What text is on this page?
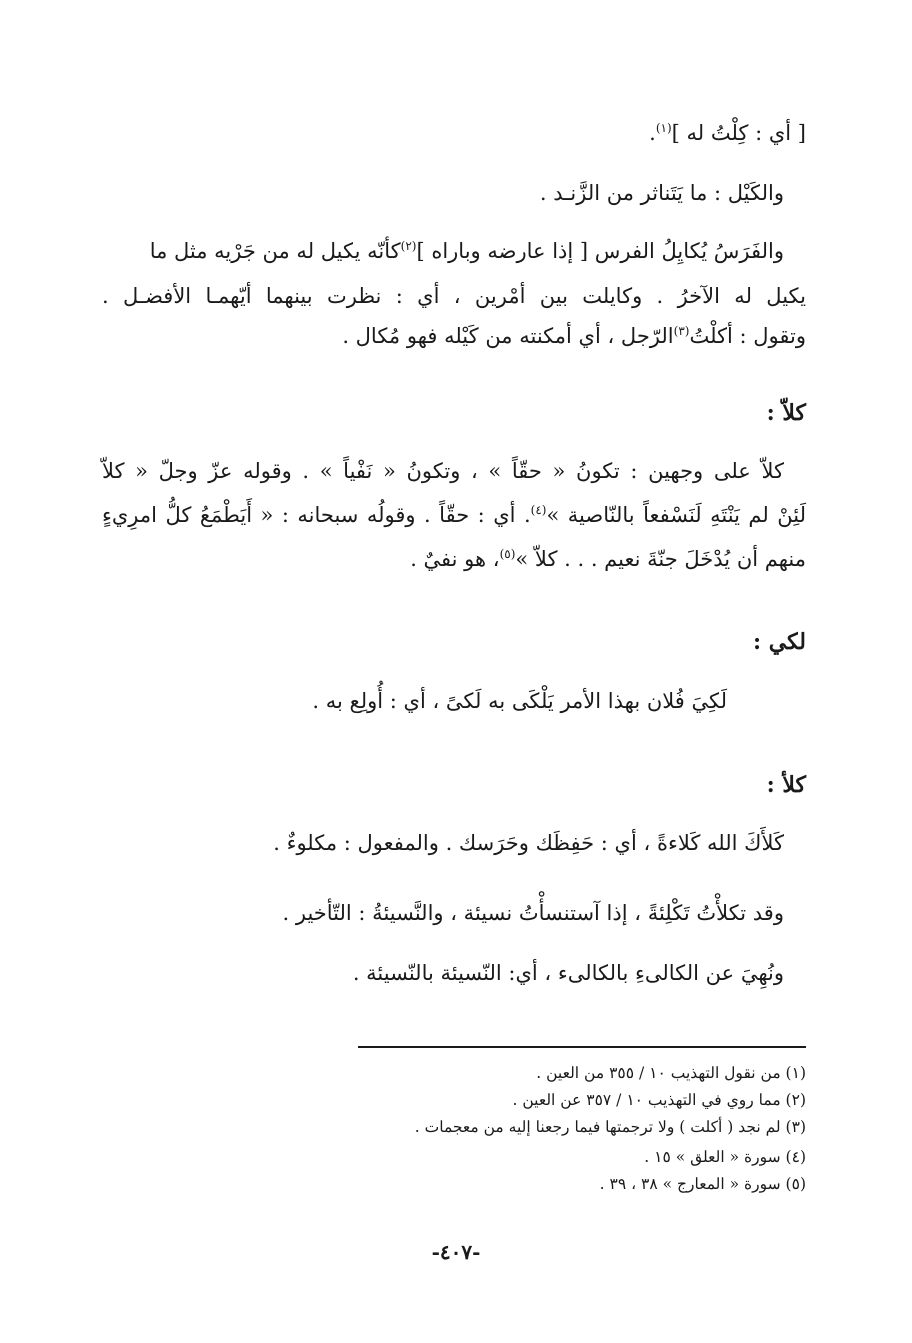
[ أي : كِلْتُ له ]$^{(١)}$.
والكَيْل : ما يَتَناثر من الزَّنـد .
والفَرَسُ يُكايِلُ الفرس [ إذا عارضه وباراه ]$^{(٢)}$كأنّه يكيل له من جَرْيه مثل ما
يكيل له الآخرُ . وكايلت بين أمْرين ، أي : نظرت بينهما أيّهمـا الأفضـل .
وتقول : أكلْتُ$^{(٣)}$الرّجل ، أي أمكنته من كَيْله فهو مُكال .
كلاّ :
كلاّ على وجهين : تكونُ « حقّاً » ، وتكونُ « نَفْياً » . وقوله عزّ وجلّ « كلاّ
لَئِنْ لم يَنْتَهِ لَنَسْفعاً بالنّاصية »$^{(٤)}$. أي : حقّاً . وقولُه سبحانه : « أَيَطْمَعُ كلُّ امرِيءٍ
منهم أن يُدْخَلَ جنّةَ نعيم . . . كلاّ »$^{(٥)}$، هو نفيٌ .
لكي :
لَكِيَ فُلان بهذا الأمر يَلْكَى به لَكىً ، أي : أُولِع به .
كلأ :
كَلأَكَ الله كَلاءةً ، أي : حَفِظَك وحَرَسك . والمفعول : مكلوءٌ .
وقد تكلأْتُ تَكْلِئةً ، إذا آستنسأْتُ نسيئة ، والنَّسيئةُ : التّأخير .
ونُهِيَ عن الكالىءِ بالكالىء ، أي: النّسيئة بالنّسيئة .
(١) من نقول التهذيب ١٠ / ٣٥٥ من العين .
(٢) مما روي في التهذيب ١٠ / ٣٥٧ عن العين .
(٣) لم نجد ( أكلت ) ولا ترجمتها فيما رجعنا إليه من معجمات .
(٤) سورة « العلق » ١٥ .
(٥) سورة « المعارج » ٣٨ ، ٣٩ .
-٤٠٧-
